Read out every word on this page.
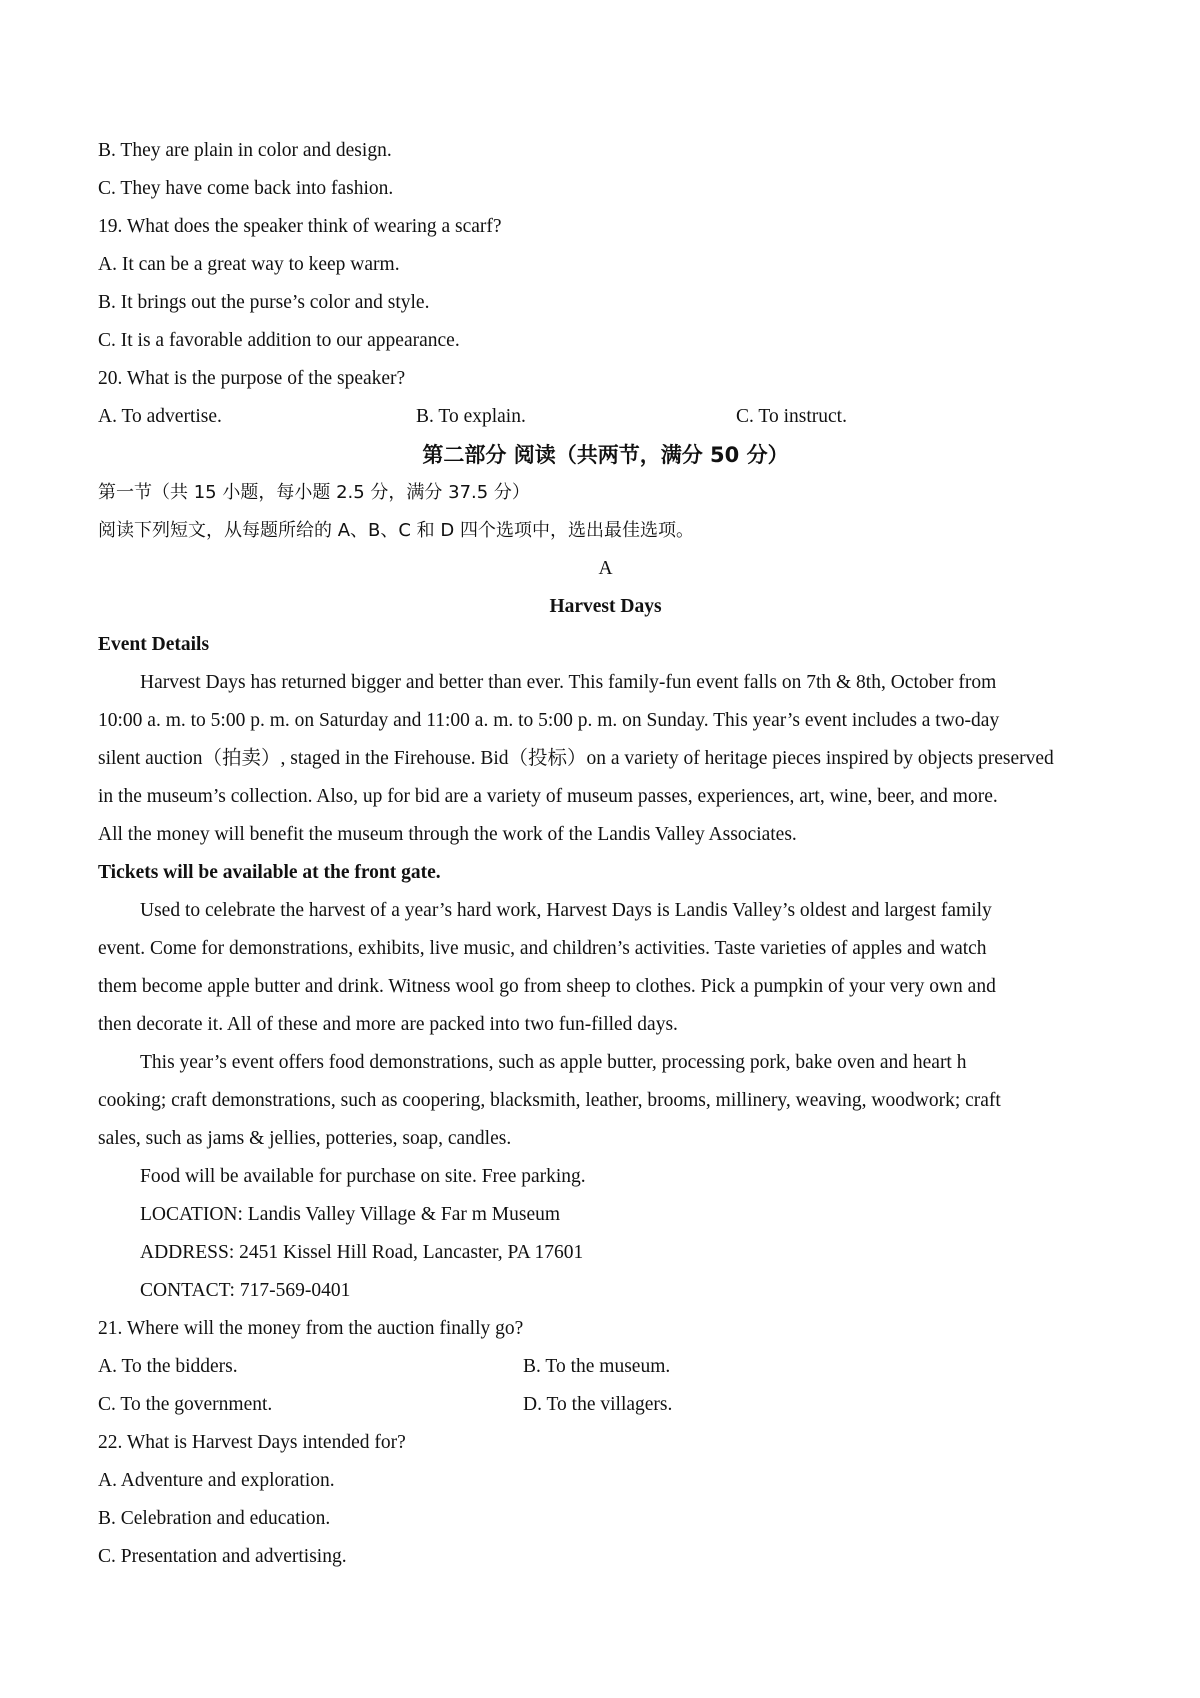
B. They are plain in color and design.
C. They have come back into fashion.
19. What does the speaker think of wearing a scarf?
A. It can be a great way to keep warm.
B. It brings out the purse’s color and style.
C. It is a favorable addition to our appearance.
20. What is the purpose of the speaker?
A. To advertise.	B. To explain.	C. To instruct.
第二部分 阅读（共两节，满分 50 分）
第一节（共 15 小题，每小题 2.5 分，满分 37.5 分）
阅读下列短文，从每题所给的 A、B、C 和 D 四个选项中，选出最佳选项。
A
Harvest Days
Event Details
Harvest Days has returned bigger and better than ever. This family-fun event falls on 7th & 8th, October from
10:00 a. m. to 5:00 p. m. on Saturday and 11:00 a. m. to 5:00 p. m. on Sunday. This year’s event includes a two-day
silent auction（拍卖）, staged in the Firehouse. Bid（投标）on a variety of heritage pieces inspired by objects preserved
in the museum’s collection. Also, up for bid are a variety of museum passes, experiences, art, wine, beer, and more.
All the money will benefit the museum through the work of the Landis Valley Associates.
Tickets will be available at the front gate.
Used to celebrate the harvest of a year’s hard work, Harvest Days is Landis Valley’s oldest and largest family
event. Come for demonstrations, exhibits, live music, and children’s activities. Taste varieties of apples and watch
them become apple butter and drink. Witness wool go from sheep to clothes. Pick a pumpkin of your very own and
then decorate it. All of these and more are packed into two fun-filled days.
This year’s event offers food demonstrations, such as apple butter, processing pork, bake oven and heart h
cooking; craft demonstrations, such as coopering, blacksmith, leather, brooms, millinery, weaving, woodwork; craft
sales, such as jams & jellies, potteries, soap, candles.
Food will be available for purchase on site. Free parking.
LOCATION: Landis Valley Village & Far m Museum
ADDRESS: 2451 Kissel Hill Road, Lancaster, PA 17601
CONTACT: 717-569-0401
21. Where will the money from the auction finally go?
A. To the bidders.	B. To the museum.
C. To the government.	D. To the villagers.
22. What is Harvest Days intended for?
A. Adventure and exploration.
B. Celebration and education.
C. Presentation and advertising.
